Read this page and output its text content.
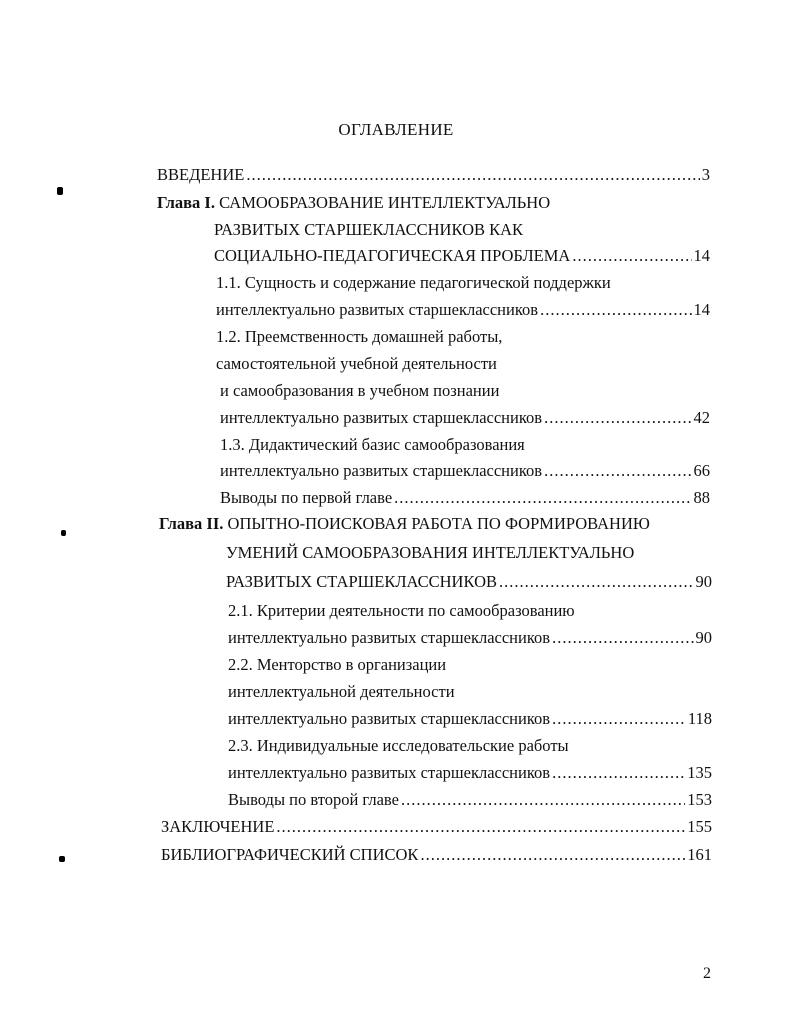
ОГЛАВЛЕНИЕ
ВВЕДЕНИЕ .....	3
Глава I. САМООБРАЗОВАНИЕ ИНТЕЛЛЕКТУАЛЬНО
РАЗВИТЫХ СТАРШЕКЛАССНИКОВ КАК
СОЦИАЛЬНО-ПЕДАГОГИЧЕСКАЯ ПРОБЛЕМА .....	14
1.1. Сущность и содержание педагогической поддержки
интеллектуально развитых старшеклассников .....	14
1.2. Преемственность домашней работы,
самостоятельной учебной деятельности
и самообразования в учебном познании
интеллектуально развитых старшеклассников .....	42
1.3. Дидактический базис самообразования
интеллектуально развитых старшеклассников .....	66
Выводы по первой главе .....	88
Глава II. ОПЫТНО-ПОИСКОВАЯ РАБОТА ПО ФОРМИРОВАНИЮ
УМЕНИЙ САМООБРАЗОВАНИЯ ИНТЕЛЛЕКТУАЛЬНО
РАЗВИТЫХ СТАРШЕКЛАССНИКОВ .....	90
2.1. Критерии деятельности по самообразованию
интеллектуально развитых старшеклассников .....	90
2.2. Менторство в организации
интеллектуальной деятельности
интеллектуально развитых старшеклассников .....	118
2.3. Индивидуальные исследовательские работы
интеллектуально развитых старшеклассников .....	135
Выводы по второй главе .....	153
ЗАКЛЮЧЕНИЕ .....	155
БИБЛИОГРАФИЧЕСКИЙ СПИСОК .....	161
2
